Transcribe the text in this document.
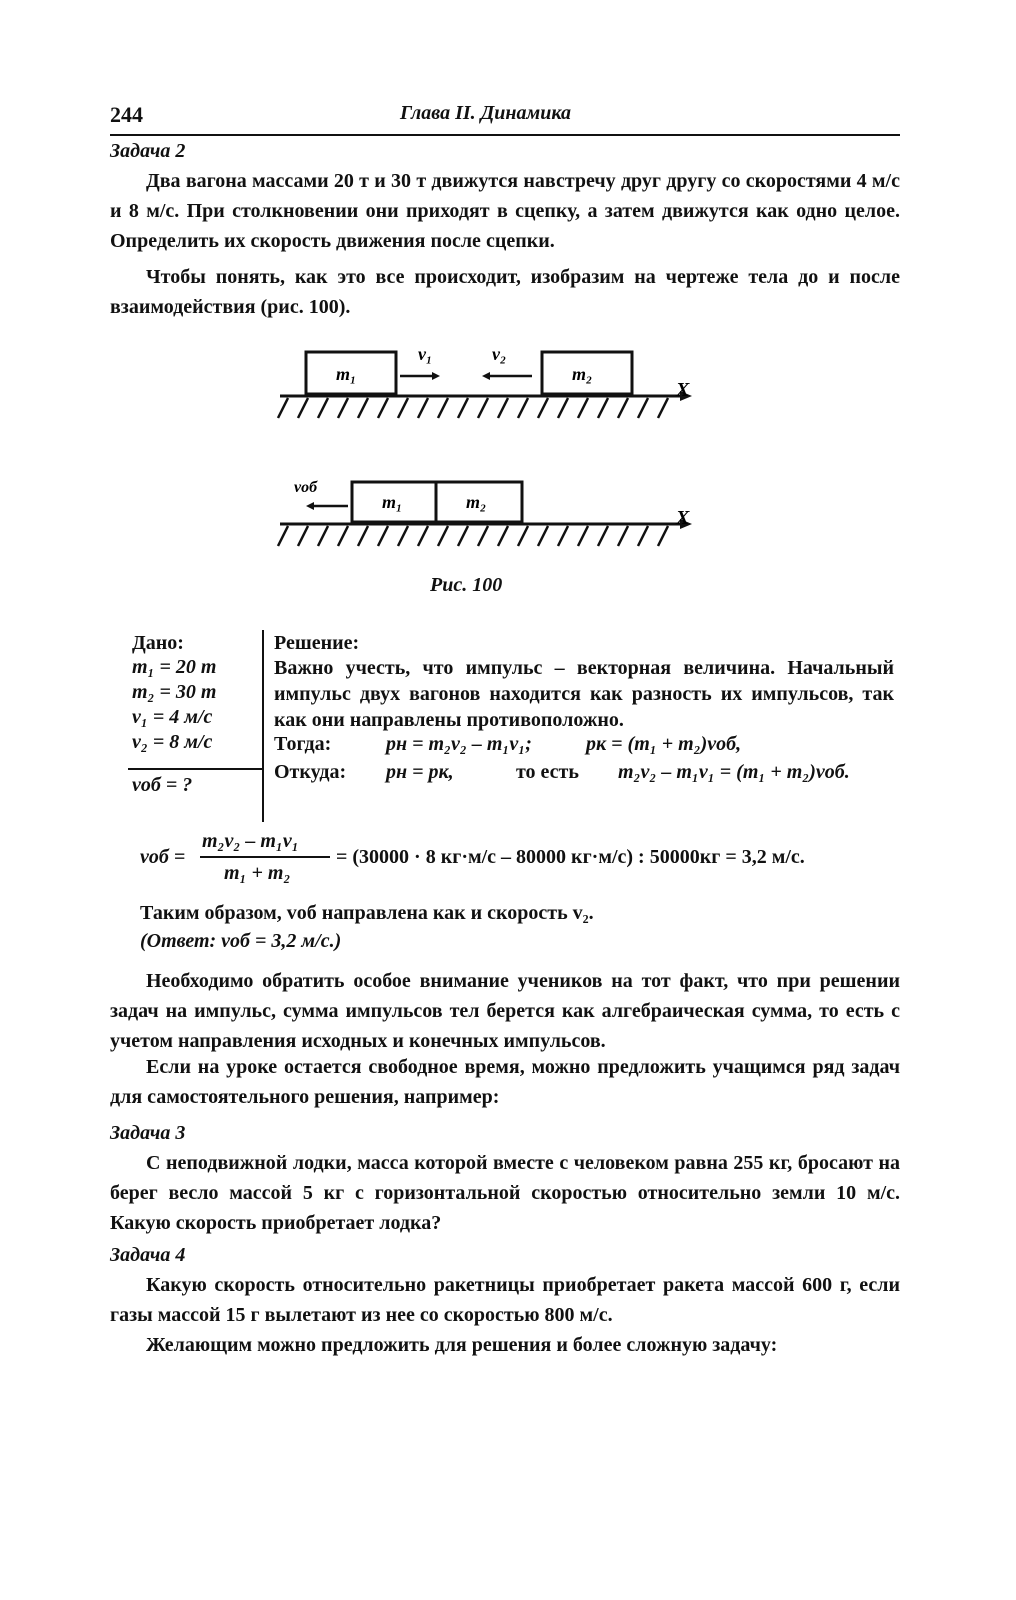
244	Глава II. Динамика
Задача 2
Два вагона массами 20 т и 30 т движутся навстречу друг другу со скоростями 4 м/с и 8 м/с. При столкновении они приходят в сцепку, а затем движутся как одно целое. Определить их скорость движения после сцепки.
Чтобы понять, как это все происходит, изобразим на чертеже тела до и после взаимодействия (рис. 100).
X
m₁	m₂
v₁	v₂
X
m₁	m₂
vоб
Рис. 100
Дано:
m₁ = 20 т
m₂ = 30 т
v₁ = 4 м/с
v₂ = 8 м/с
vоб = ?
Решение:
Важно учесть, что импульс – векторная величина. Начальный импульс двух вагонов находится как разность их импульсов, так как они направлены противоположно.
Тогда:	pн = m₂v₂ – m₁v₁;	pк = (m₁ + m₂)vоб,
Откуда: pн = pк,	то есть m₂v₂ – m₁v₁ = (m₁ + m₂)vоб.
vоб =
m₂v₂ – m₁v₁
m₁ + m₂
= (30000 · 8 кг·м/с – 80000 кг·м/с) : 50000кг = 3,2 м/с.
Таким образом, vоб направлена как и скорость v₂.
(Ответ: vоб = 3,2 м/с.)
Необходимо обратить особое внимание учеников на тот факт, что при решении задач на импульс, сумма импульсов тел берется как алгебраическая сумма, то есть с учетом направления исходных и конечных импульсов.
Если на уроке остается свободное время, можно предложить учащимся ряд задач для самостоятельного решения, например:
Задача 3
С неподвижной лодки, масса которой вместе с человеком равна 255 кг, бросают на берег весло массой 5 кг с горизонтальной скоростью относительно земли 10 м/с. Какую скорость приобретает лодка?
Задача 4
Какую скорость относительно ракетницы приобретает ракета массой 600 г, если газы массой 15 г вылетают из нее со скоростью 800 м/с.
Желающим можно предложить для решения и более сложную задачу:
